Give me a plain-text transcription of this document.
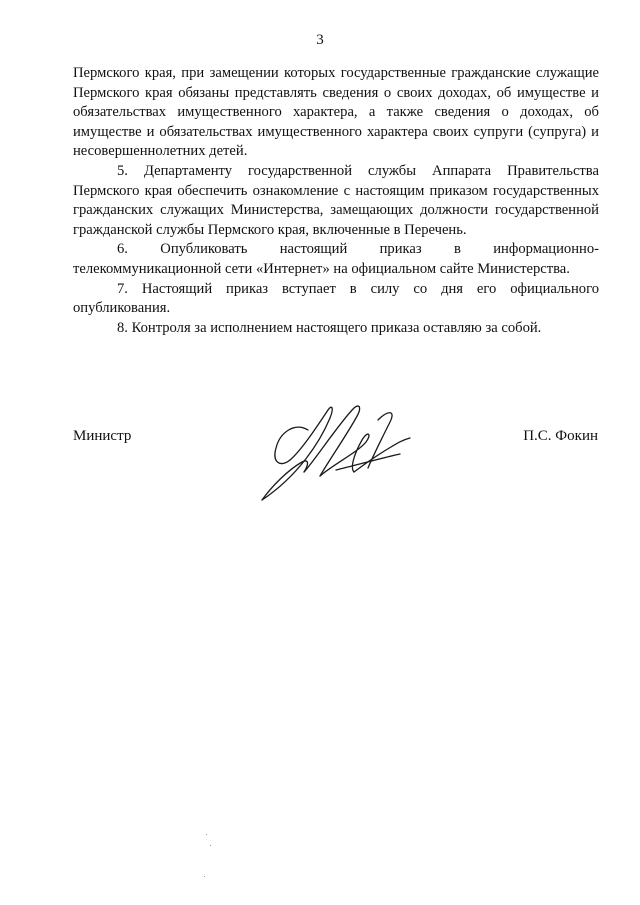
3

Пермского края, при замещении которых государственные гражданские служащие Пермского края обязаны представлять сведения о своих доходах, об имуществе и обязательствах имущественного характера, а также сведения о доходах, об имуществе и обязательствах имущественного характера своих супруги (супруга) и несовершеннолетних детей.

5. Департаменту государственной службы Аппарата Правительства Пермского края обеспечить ознакомление с настоящим приказом государственных гражданских служащих Министерства, замещающих должности государственной гражданской службы Пермского края, включенные в Перечень.

6. Опубликовать настоящий приказ в информационно-телекоммуникационной сети «Интернет» на официальном сайте Министерства.

7. Настоящий приказ вступает в силу со дня его официального опубликования.

8. Контроля за исполнением настоящего приказа оставляю за собой.

Министр	П.С. Фокин
